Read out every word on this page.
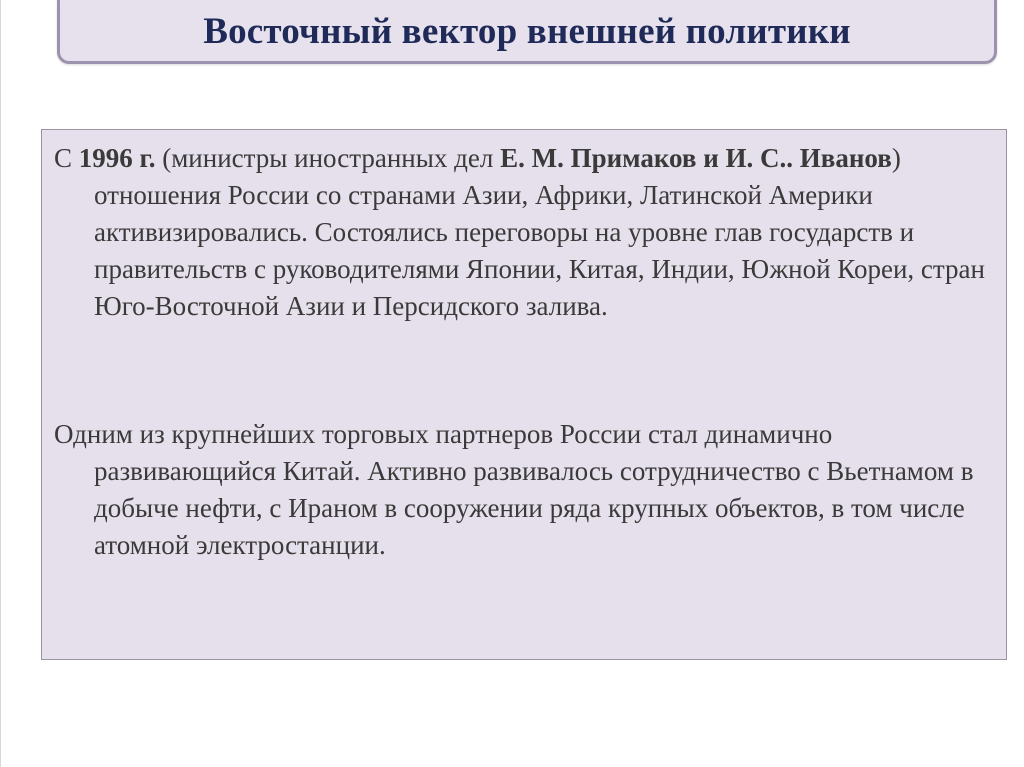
Восточный вектор внешней политики

С 1996 г. (министры иностранных дел Е. М. Примаков и И. С.. Иванов) отношения России со странами Азии, Африки, Латинской Америки активизировались. Состоялись переговоры на уровне глав государств и правительств с руководителями Японии, Китая, Индии, Южной Кореи, стран Юго-Восточной Азии и Персидского залива.

Одним из крупнейших торговых партнеров России стал динамично развивающийся Китай. Активно развивалось сотрудничество с Вьетнамом в добыче нефти, с Ираном в сооружении ряда крупных объектов, в том числе атомной электростанции.
